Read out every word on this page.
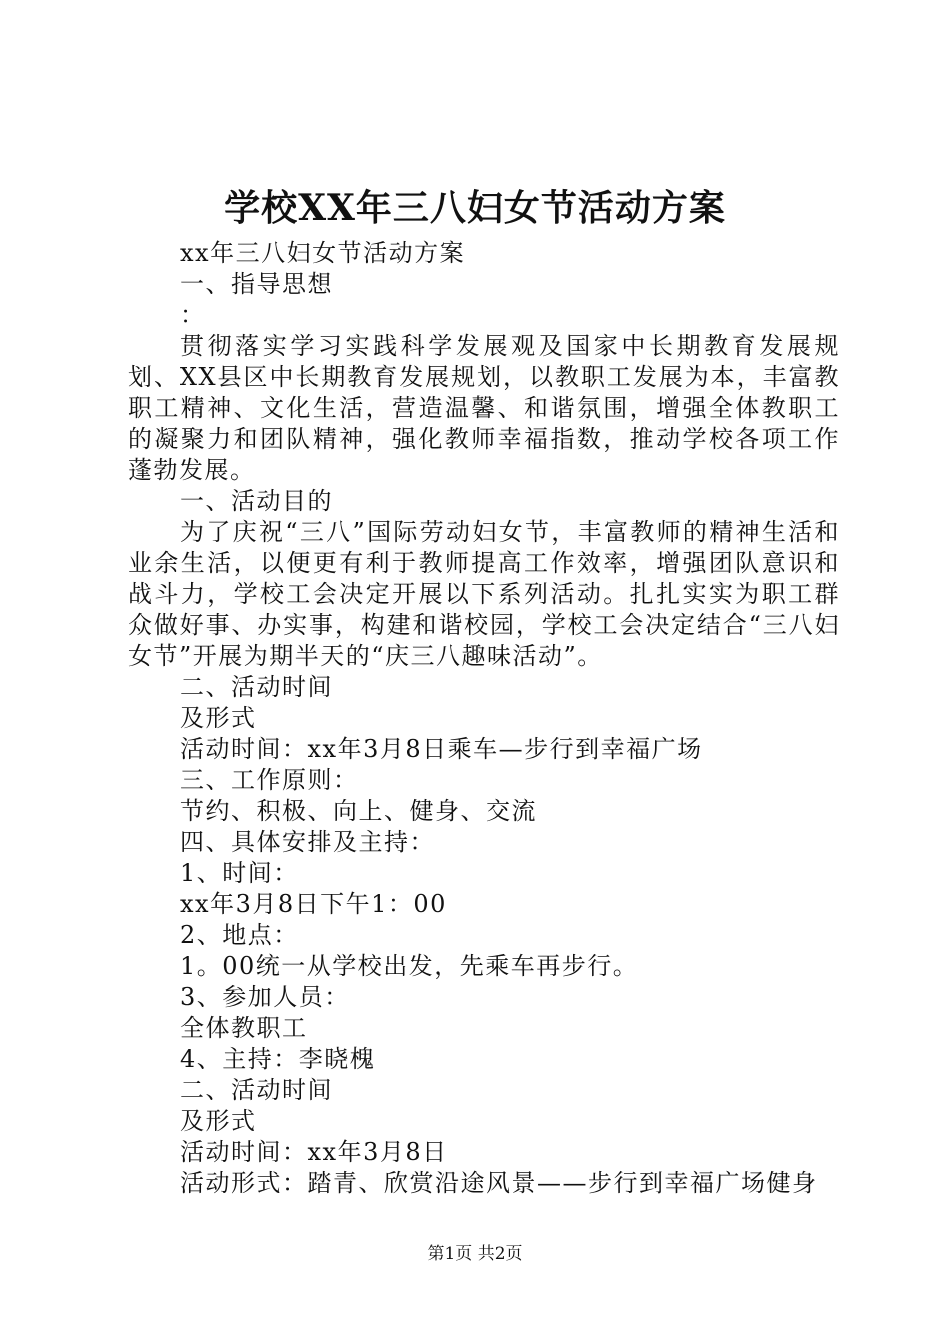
学校XX年三八妇女节活动方案

xx年三八妇女节活动方案

一、指导思想

：

贯彻落实学习实践科学发展观及国家中长期教育发展规划、XX县区中长期教育发展规划，以教职工发展为本，丰富教职工精神、文化生活，营造温馨、和谐氛围，增强全体教职工的凝聚力和团队精神，强化教师幸福指数，推动学校各项工作蓬勃发展。

一、活动目的

为了庆祝“三八”国际劳动妇女节，丰富教师的精神生活和业余生活，以便更有利于教师提高工作效率，增强团队意识和战斗力，学校工会决定开展以下系列活动。扎扎实实为职工群众做好事、办实事，构建和谐校园，学校工会决定结合“三八妇女节”开展为期半天的“庆三八趣味活动”。

二、活动时间

及形式

活动时间：xx年3月8日乘车—步行到幸福广场

三、工作原则：

节约、积极、向上、健身、交流

四、具体安排及主持：

1、时间：

xx年3月8日下午1：00

2、地点：

1。00统一从学校出发，先乘车再步行。

3、参加人员：

全体教职工

4、主持：李晓槐

二、活动时间

及形式

活动时间：xx年3月8日

活动形式：踏青、欣赏沿途风景——步行到幸福广场健身

第1页 共2页
